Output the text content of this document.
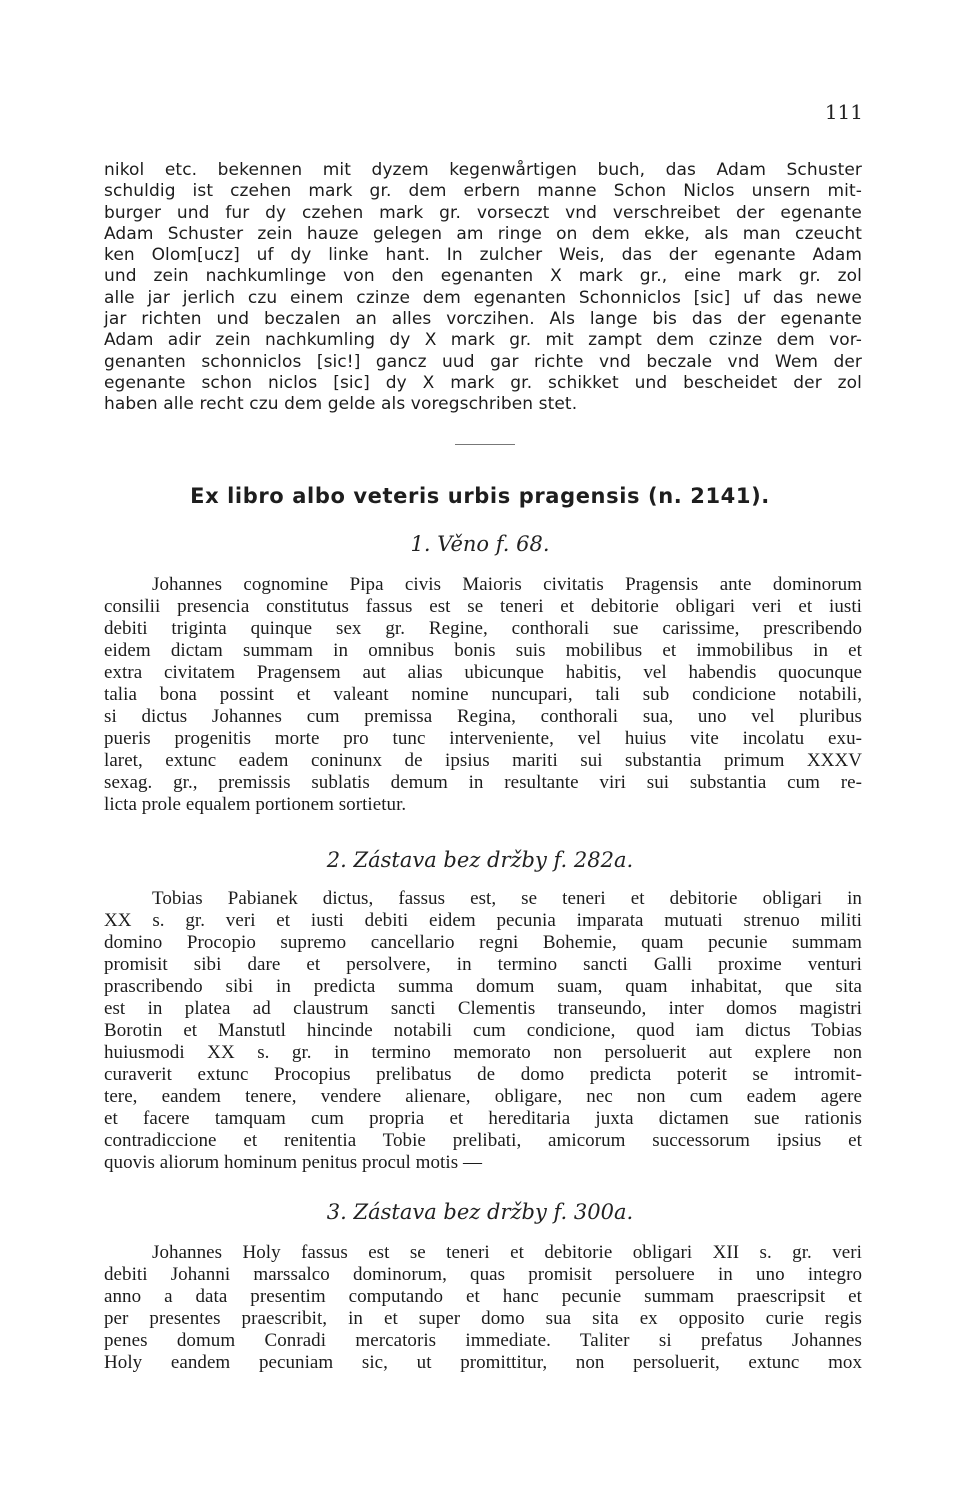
111
nikol etc. bekennen mit dyzem kegenwårtigen buch, das Adam Schuster
schuldig ist czehen mark gr. dem erbern manne Schon Niclos unsern mit-
burger und fur dy czehen mark gr. vorseczt vnd verschreibet der egenante
Adam Schuster zein hauze gelegen am ringe on dem ekke, als man czeucht
ken Olom[ucz] uf dy linke hant. In zulcher Weis, das der egenante Adam
und zein nachkumlinge von den egenanten X mark gr., eine mark gr. zol
alle jar jerlich czu einem czinze dem egenanten Schonniclos [sic] uf das newe
jar richten und beczalen an alles vorczihen. Als lange bis das der egenante
Adam adir zein nachkumling dy X mark gr. mit zampt dem czinze dem vor-
genanten schonniclos [sic!] gancz uud gar richte vnd beczale vnd Wem der
egenante schon niclos [sic] dy X mark gr. schikket und bescheidet der zol
haben alle recht czu dem gelde als voregschriben stet.
Ex libro albo veteris urbis pragensis (n. 2141).
1. Věno f. 68.
Johannes cognomine Pipa civis Maioris civitatis Pragensis ante dominorum
consilii presencia constitutus fassus est se teneri et debitorie obligari veri et iusti
debiti triginta quinque sex gr. Regine, conthorali sue carissime, prescribendo
eidem dictam summam in omnibus bonis suis mobilibus et immobilibus in et
extra civitatem Pragensem aut alias ubicunque habitis, vel habendis quocunque
talia bona possint et valeant nomine nuncupari, tali sub condicione notabili,
si dictus Johannes cum premissa Regina, conthorali sua, uno vel pluribus
pueris progenitis morte pro tunc interveniente, vel huius vite incolatu exu-
laret, extunc eadem coninunx de ipsius mariti sui substantia primum XXXV
sexag. gr., premissis sublatis demum in resultante viri sui substantia cum re-
licta prole equalem portionem sortietur.
2. Zástava bez držby f. 282a.
Tobias Pabianek dictus, fassus est, se teneri et debitorie obligari in
XX s. gr. veri et iusti debiti eidem pecunia imparata mutuati strenuo militi
domino Procopio supremo cancellario regni Bohemie, quam pecunie summam
promisit sibi dare et persolvere, in termino sancti Galli proxime venturi
prascribendo sibi in predicta summa domum suam, quam inhabitat, que sita
est in platea ad claustrum sancti Clementis transeundo, inter domos magistri
Borotin et Manstutl hincinde notabili cum condicione, quod iam dictus Tobias
huiusmodi XX s. gr. in termino memorato non persoluerit aut explere non
curaverit extunc Procopius prelibatus de domo predicta poterit se intromit-
tere, eandem tenere, vendere alienare, obligare, nec non cum eadem agere
et facere tamquam cum propria et hereditaria juxta dictamen sue rationis
contradiccione et renitentia Tobie prelibati, amicorum successorum ipsius et
quovis aliorum hominum penitus procul motis —
3. Zástava bez držby f. 300a.
Johannes Holy fassus est se teneri et debitorie obligari XII s. gr. veri
debiti Johanni marssalco dominorum, quas promisit persoluere in uno integro
anno a data presentim computando et hanc pecunie summam praescripsit et
per presentes praescribit, in et super domo sua sita ex opposito curie regis
penes domum Conradi mercatoris immediate. Taliter si prefatus Johannes
Holy eandem pecuniam sic, ut promittitur, non persoluerit, extunc mox
